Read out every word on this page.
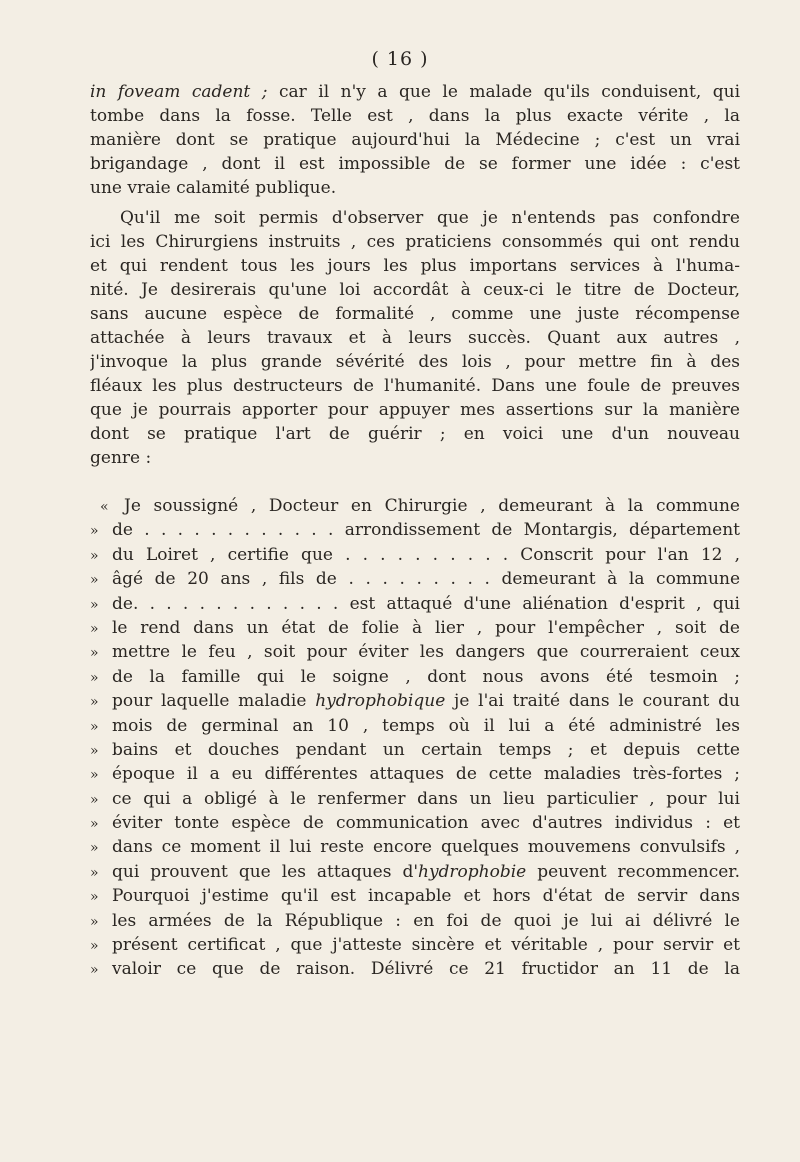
( 16 )
in foveam cadent ; car il n'y a que le malade qu'ils conduisent, qui
tombe dans la fosse. Telle est , dans la plus exacte vérite , la
manière dont se pratique aujourd'hui la Médecine ; c'est un vrai
brigandage , dont il est impossible de se former une idée : c'est
une vraie calamité publique.
Qu'il me soit permis d'observer que je n'entends pas confondre
ici les Chirurgiens instruits , ces praticiens consommés qui ont rendu
et qui rendent tous les jours les plus importans services à l'huma-
nité. Je desirerais qu'une loi accordât à ceux-ci le titre de Docteur,
sans aucune espèce de formalité , comme une juste récompense
attachée à leurs travaux et à leurs succès. Quant aux autres ,
j'invoque la plus grande sévérité des lois , pour mettre fin à des
fléaux les plus destructeurs de l'humanité. Dans une foule de preuves
que je pourrais apporter pour appuyer mes assertions sur la manière
dont se pratique l'art de guérir ; en voici une d'un nouveau
genre :
« Je soussigné , Docteur en Chirurgie , demeurant à la commune
» de . . . . . . . . . . . . arrondissement de Montargis, département
» du Loiret , certifie que . . . . . . . . . . Conscrit pour l'an 12 ,
» âgé de 20 ans , fils de . . . . . . . . . demeurant à la commune
» de. . . . . . . . . . . . . est attaqué d'une aliénation d'esprit , qui
» le rend dans un état de folie à lier , pour l'empêcher , soit de
» mettre le feu , soit pour éviter les dangers que courreraient ceux
» de la famille qui le soigne , dont nous avons été tesmoin ;
» pour laquelle maladie hydrophobique je l'ai traité dans le courant du
» mois de germinal an 10 , temps où il lui a été administré les
» bains et douches pendant un certain temps ; et depuis cette
» époque il a eu différentes attaques de cette maladies très-fortes ;
» ce qui a obligé à le renfermer dans un lieu particulier , pour lui
» éviter tonte espèce de communication avec d'autres individus : et
» dans ce moment il lui reste encore quelques mouvemens convulsifs ,
» qui prouvent que les attaques d'hydrophobie peuvent recommencer.
» Pourquoi j'estime qu'il est incapable et hors d'état de servir dans
» les armées de la République : en foi de quoi je lui ai délivré le
» présent certificat , que j'atteste sincère et véritable , pour servir et
» valoir ce que de raison. Délivré ce 21 fructidor an 11 de la
